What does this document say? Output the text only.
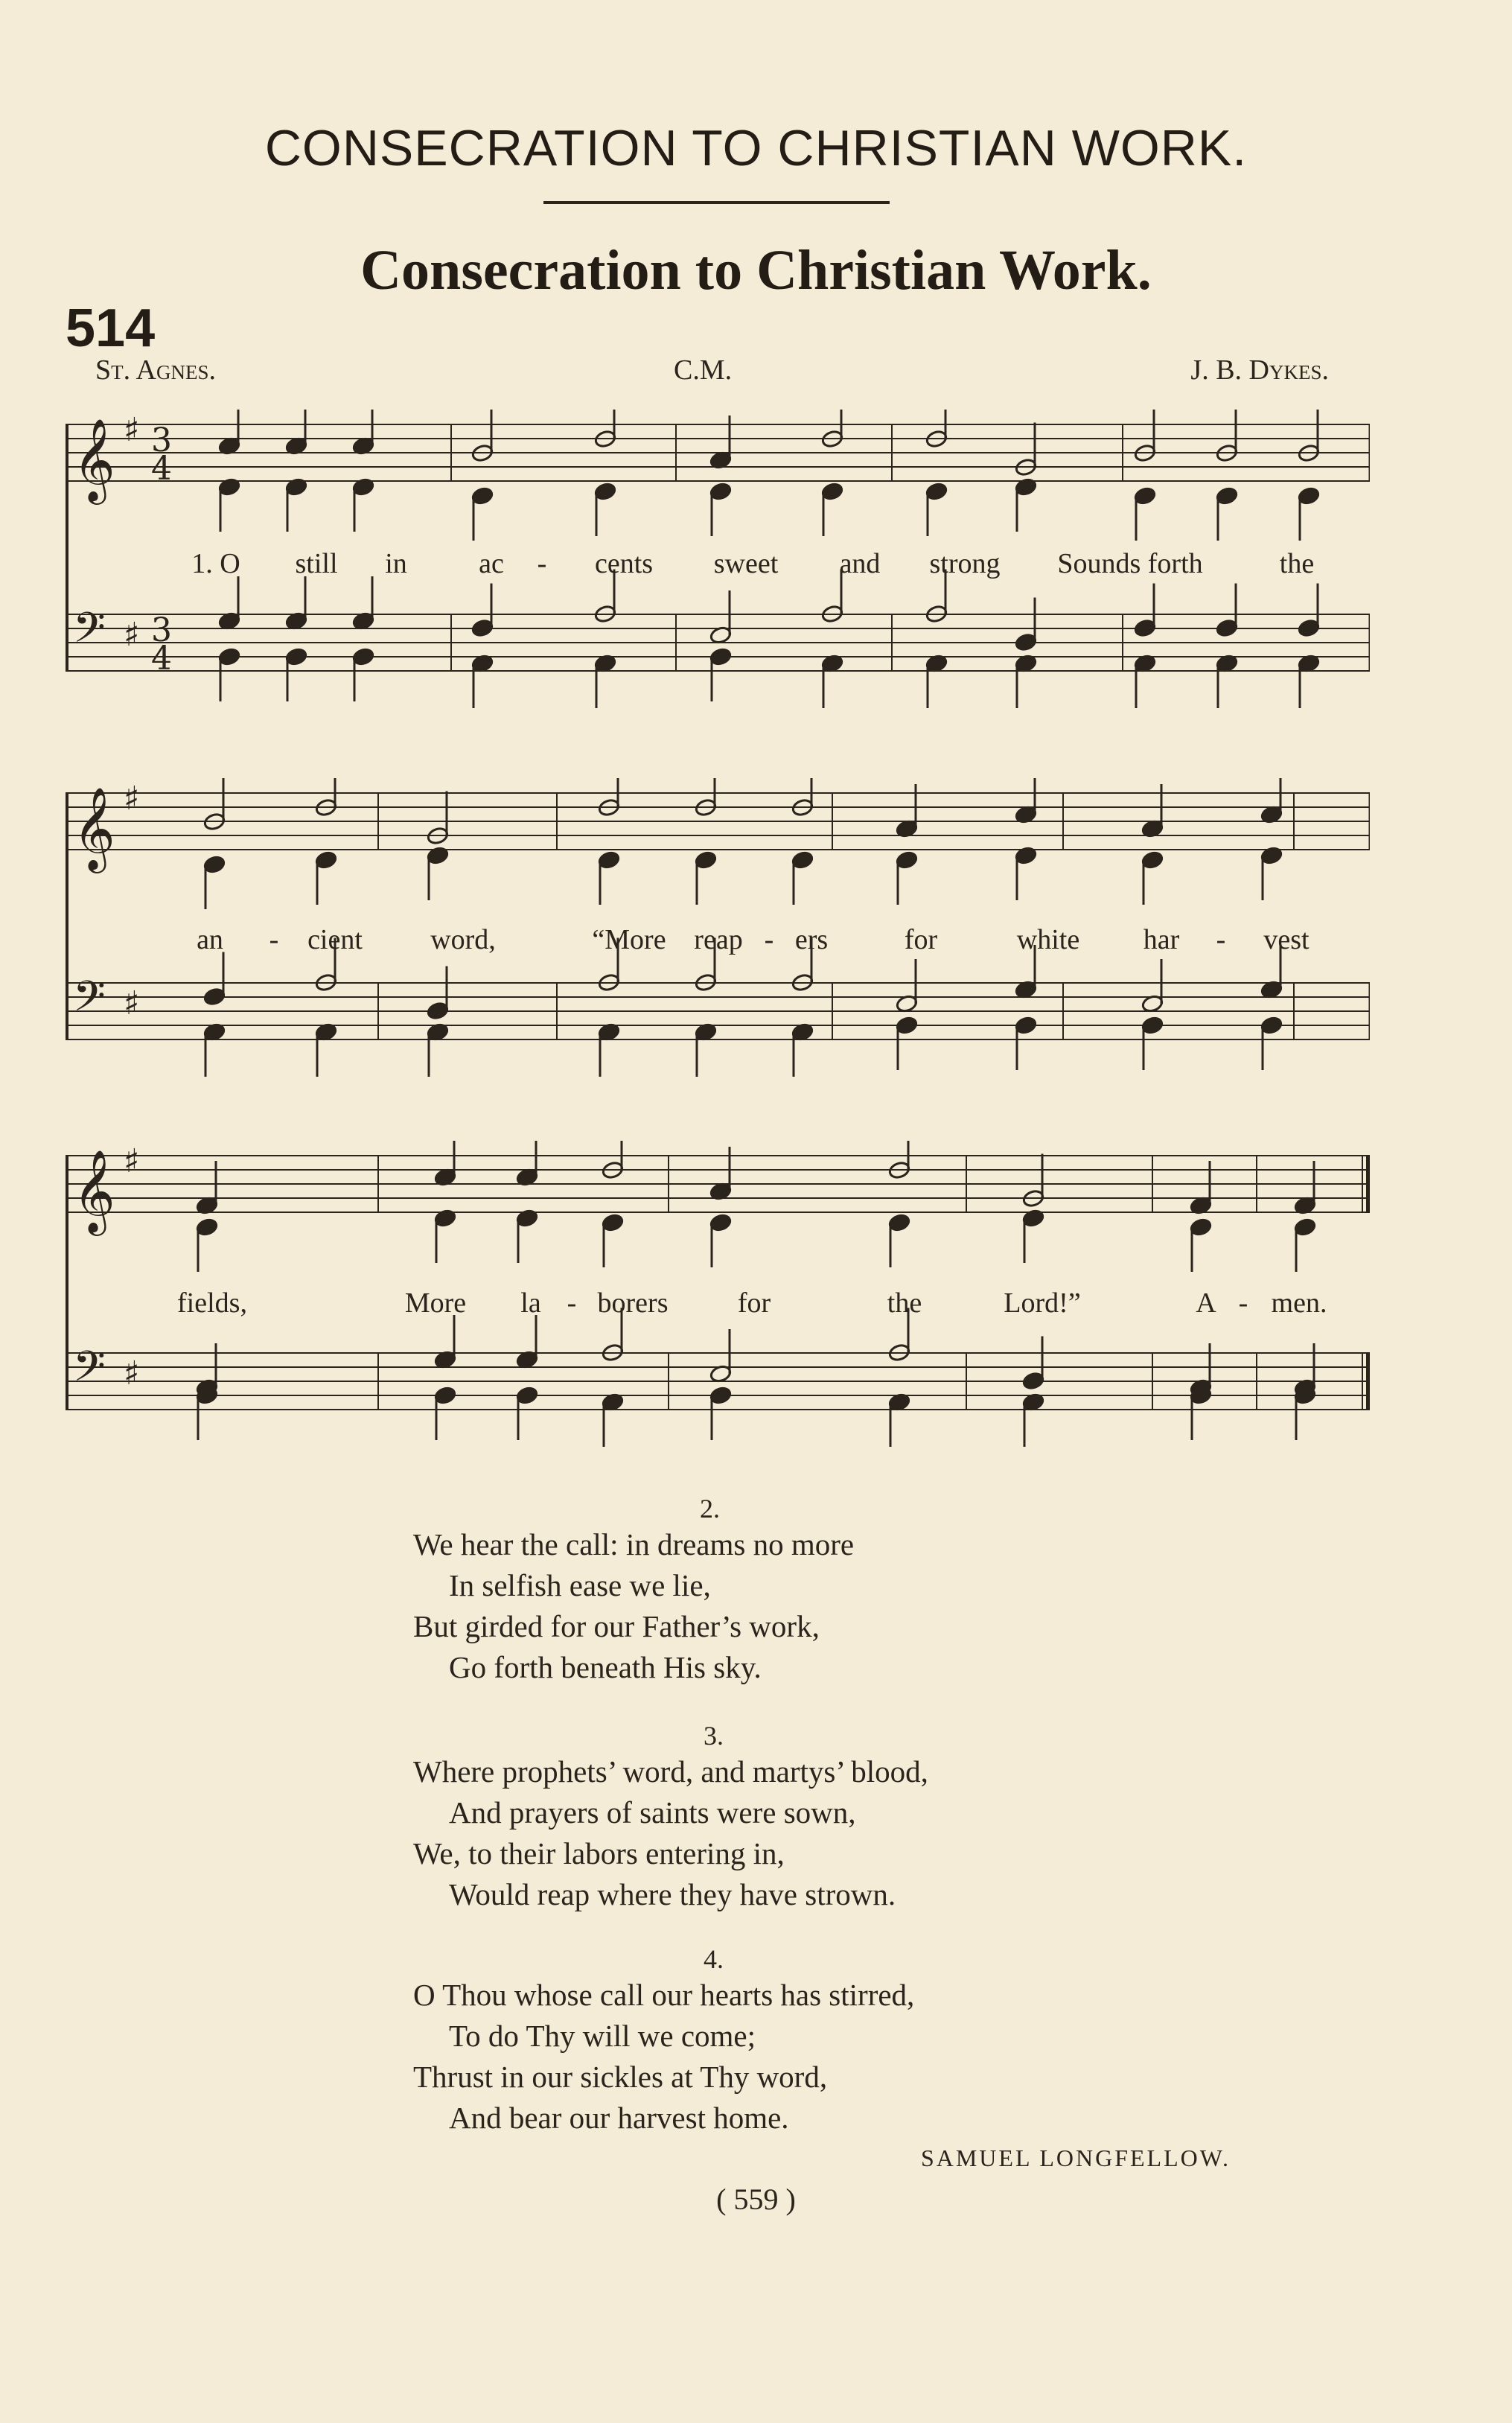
CONSECRATION TO CHRISTIAN WORK.
Consecration to Christian Work.
514
St. Agnes.	C.M.	J. B. Dykes.
𝄞
𝄢
♯
♯
3
4
3
4
𝄞
𝄢
♯
♯
𝄞
𝄢
♯
♯
1. O still in	ac - cents sweet and strong Sounds forth	the
an - cient word,	“More reap - ers	for	white har - vest
fields,	More la - borers for	the	Lord!”	A - men.
2.
We hear the call: in dreams no more
In selfish ease we lie,
But girded for our Father’s work,
Go forth beneath His sky.
3.
Where prophets’ word, and martys’ blood,
And prayers of saints were sown,
We, to their labors entering in,
Would reap where they have strown.
4.
O Thou whose call our hearts has stirred,
To do Thy will we come;
Thrust in our sickles at Thy word,
And bear our harvest home.
SAMUEL LONGFELLOW.
( 559 )
